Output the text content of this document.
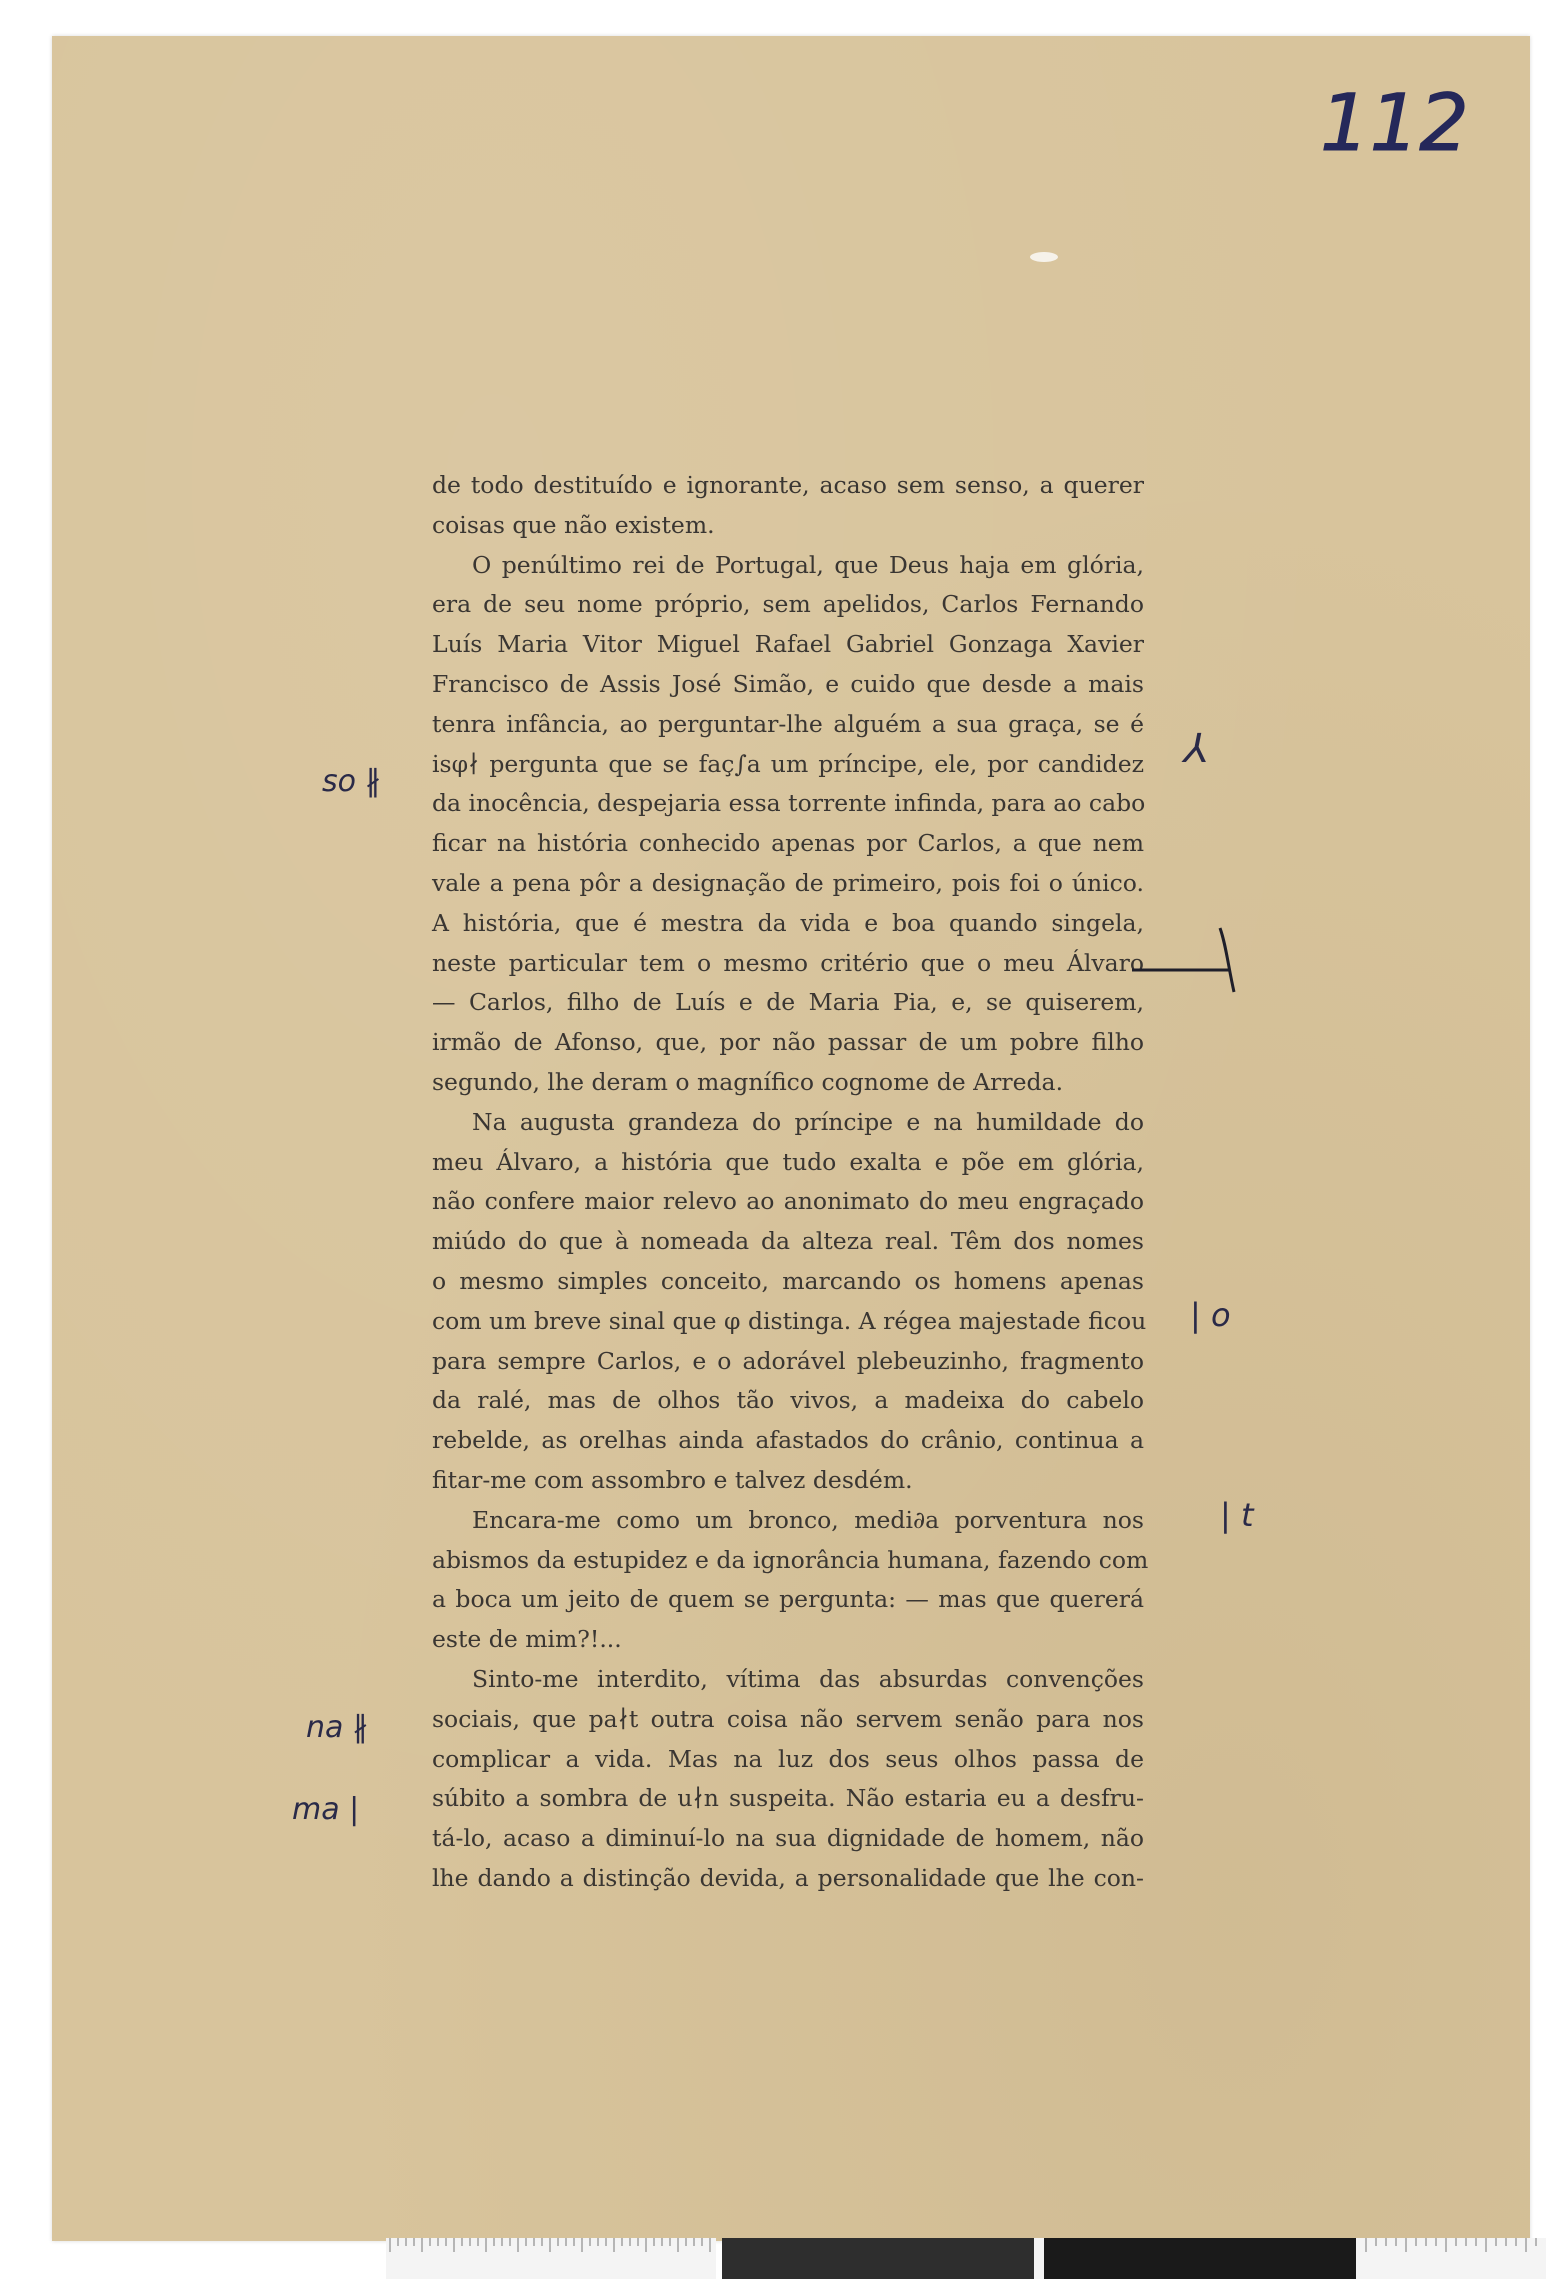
112
de todo destituído e ignorante, acaso sem senso, a querer
coisas que não existem.
O penúltimo rei de Portugal, que Deus haja em glória,
era de seu nome próprio, sem apelidos, Carlos Fernando
Luís Maria Vitor Miguel Rafael Gabriel Gonzaga Xavier
Francisco de Assis José Simão, e cuido que desde a mais
tenra infância, ao perguntar-lhe alguém a sua graça, se é
isφ∤ pergunta que se faç∫a um príncipe, ele, por candidez
da inocência, despejaria essa torrente infinda, para ao cabo
ficar na história conhecido apenas por Carlos, a que nem
vale a pena pôr a designação de primeiro, pois foi o único.
A história, que é mestra da vida e boa quando singela,
neste particular tem o mesmo critério que o meu Álvaro
— Carlos, filho de Luís e de Maria Pia, e, se quiserem,
irmão de Afonso, que, por não passar de um pobre filho
segundo, lhe deram o magnífico cognome de Arreda.
Na augusta grandeza do príncipe e na humildade do
meu Álvaro, a história que tudo exalta e põe em glória,
não confere maior relevo ao anonimato do meu engraçado
miúdo do que à nomeada da alteza real. Têm dos nomes
o mesmo simples conceito, marcando os homens apenas
com um breve sinal que φ distinga. A régea majestade ficou
para sempre Carlos, e o adorável plebeuzinho, fragmento
da ralé, mas de olhos tão vivos, a madeixa do cabelo
rebelde, as orelhas ainda afastados do crânio, continua a
fitar-me com assombro e talvez desdém.
Encara-me como um bronco, medi∂a porventura nos
abismos da estupidez e da ignorância humana, fazendo com
a boca um jeito de quem se pergunta: — mas que quererá
este de mim?!...
Sinto-me interdito, vítima das absurdas convenções
sociais, que pa∤t outra coisa não servem senão para nos
complicar a vida. Mas na luz dos seus olhos passa de
súbito a sombra de u∤n suspeita. Não estaria eu a desfru-
tá-lo, acaso a diminuí-lo na sua dignidade de homem, não
lhe dando a distinção devida, a personalidade que lhe con-
so ∦
na ∦
ma |
⅄
| o
| t
